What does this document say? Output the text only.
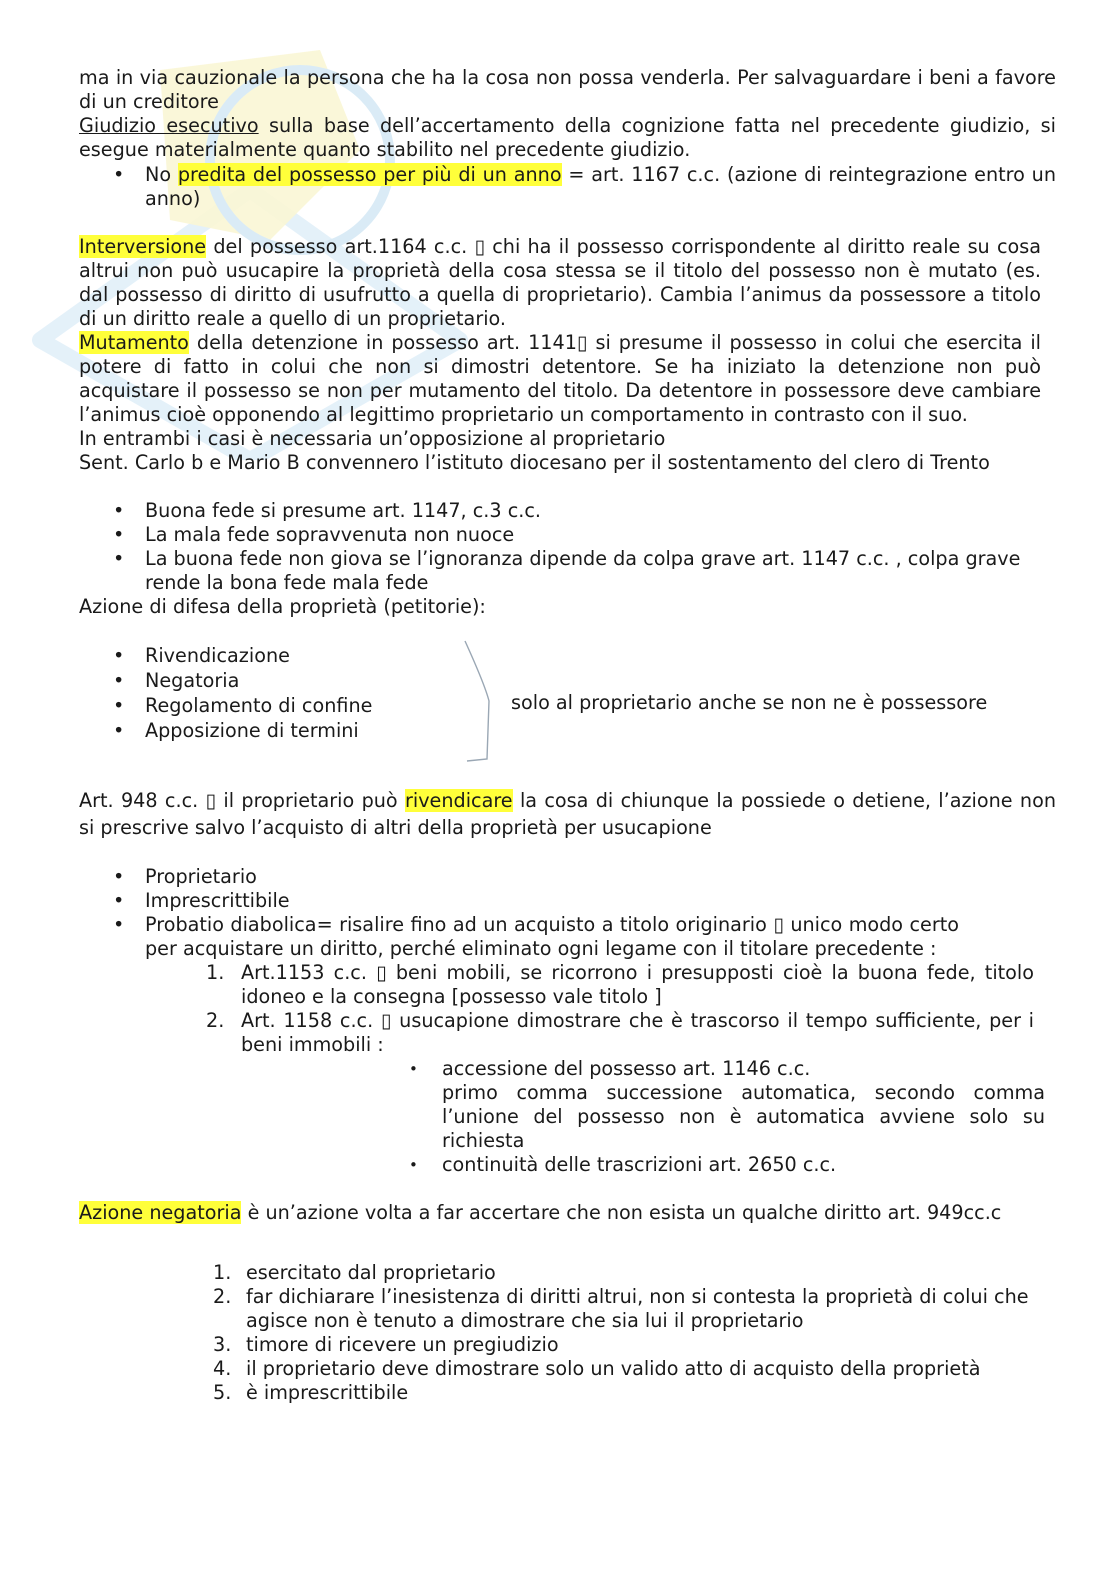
ma in via cauzionale la persona che ha la cosa non possa venderla. Per salvaguardare i beni a favore di un creditore

Giudizio esecutivo sulla base dell’accertamento della cognizione fatta nel precedente giudizio, si esegue materialmente quanto stabilito nel precedente giudizio.

• No predita del possesso per più di un anno = art. 1167 c.c. (azione di reintegrazione entro un anno)

Interversione del possesso art.1164 c.c. ▯ chi ha il possesso corrispondente al diritto reale su cosa altrui non può usucapire la proprietà della cosa stessa se il titolo del possesso non è mutato (es. dal possesso di diritto di usufrutto a quella di proprietario). Cambia l’animus da possessore a titolo di un diritto reale a quello di un proprietario.

Mutamento della detenzione in possesso art. 1141▯ si presume il possesso in colui che esercita il potere di fatto in colui che non si dimostri detentore. Se ha iniziato la detenzione non può acquistare il possesso se non per mutamento del titolo. Da detentore in possessore deve cambiare l’animus cioè opponendo al legittimo proprietario un comportamento in contrasto con il suo.

In entrambi i casi è necessaria un’opposizione al proprietario

Sent. Carlo b e Mario B convennero l’istituto diocesano per il sostentamento del clero di Trento

• Buona fede si presume art. 1147, c.3 c.c.
• La mala fede sopravvenuta non nuoce
• La buona fede non giova se l’ignoranza dipende da colpa grave art. 1147 c.c. , colpa grave rende la bona fede mala fede

Azione di difesa della proprietà (petitorie):

• Rivendicazione
• Negatoria
• Regolamento di confine
• Apposizione di termini
solo al proprietario anche se non ne è possessore

Art. 948 c.c. ▯ il proprietario può rivendicare la cosa di chiunque la possiede o detiene, l’azione non si prescrive salvo l’acquisto di altri della proprietà per usucapione

• Proprietario
• Imprescrittibile
• Probatio diabolica= risalire fino ad un acquisto a titolo originario ▯ unico modo certo per acquistare un diritto, perché eliminato ogni legame con il titolare precedente :
1. Art.1153 c.c. ▯ beni mobili, se ricorrono i presupposti cioè la buona fede, titolo idoneo e la consegna [possesso vale titolo ]
2. Art. 1158 c.c. ▯ usucapione dimostrare che è trascorso il tempo sufficiente, per i beni immobili :
• accessione del possesso art. 1146 c.c.

primo comma successione automatica, secondo comma l’unione del possesso non è automatica avviene solo su richiesta
• continuità delle trascrizioni art. 2650 c.c.

Azione negatoria è un’azione volta a far accertare che non esista un qualche diritto art. 949cc.c

1. esercitato dal proprietario
2. far dichiarare l’inesistenza di diritti altrui, non si contesta la proprietà di colui che agisce non è tenuto a dimostrare che sia lui il proprietario
3. timore di ricevere un pregiudizio
4. il proprietario deve dimostrare solo un valido atto di acquisto della proprietà
5. è imprescrittibile
